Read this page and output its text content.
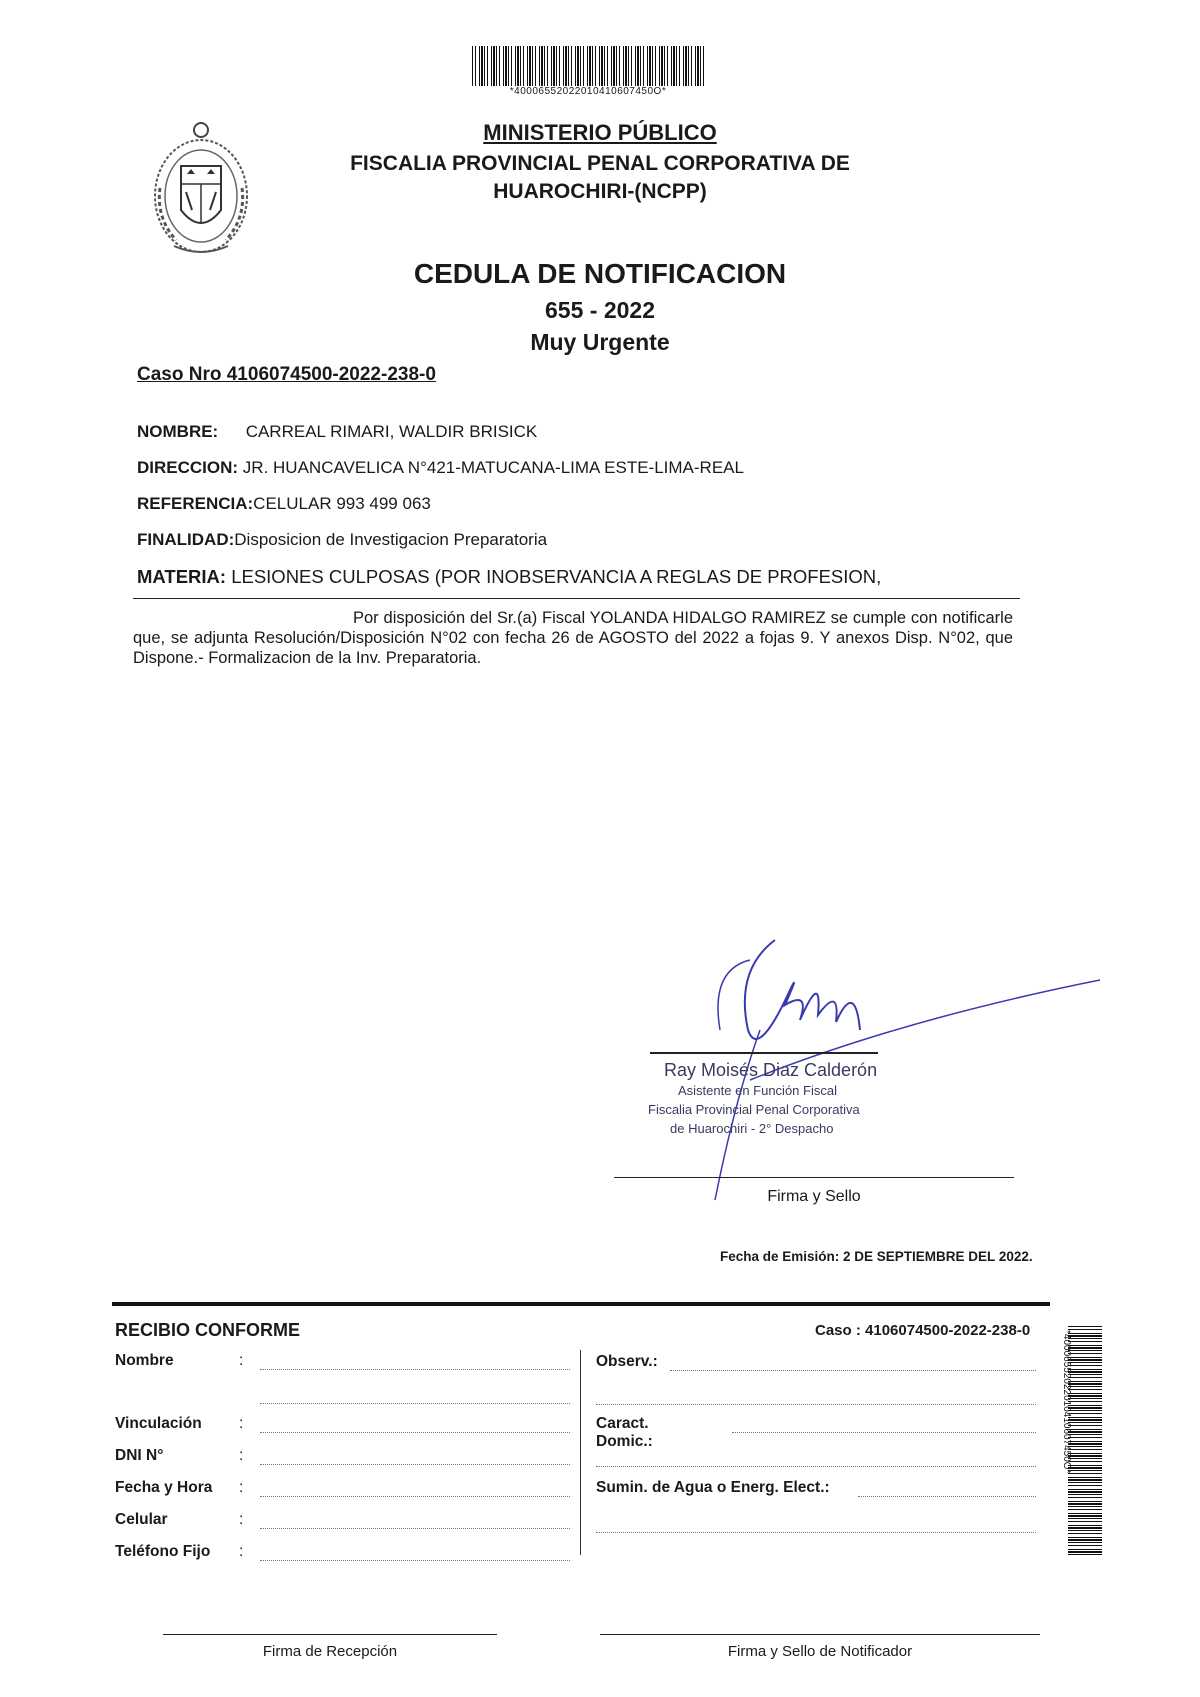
*40006552022010410607450O*
MINISTERIO PÚBLICO
FISCALIA PROVINCIAL PENAL CORPORATIVA DE
HUAROCHIRI-(NCPP)
CEDULA DE NOTIFICACION
655 - 2022
Muy Urgente
Caso Nro 4106074500-2022-238-0
NOMBRE: CARREAL RIMARI, WALDIR BRISICK
DIRECCION: JR. HUANCAVELICA N°421-MATUCANA-LIMA ESTE-LIMA-REAL
REFERENCIA:CELULAR 993 499 063
FINALIDAD:Disposicion de Investigacion Preparatoria
MATERIA: LESIONES CULPOSAS (POR INOBSERVANCIA A REGLAS DE PROFESION,
Por disposición del Sr.(a) Fiscal YOLANDA HIDALGO RAMIREZ se cumple con notificarle que, se adjunta Resolución/Disposición N°02 con fecha 26 de AGOSTO del 2022 a fojas 9. Y anexos Disp. N°02, que Dispone.- Formalizacion de la Inv. Preparatoria.
Ray Moisés Diaz Calderón
Asistente en Función Fiscal
Fiscalia Provincial Penal Corporativa
de Huarochiri - 2° Despacho
Firma y Sello
Fecha de Emisión: 2 DE SEPTIEMBRE DEL 2022.
RECIBIO CONFORME	Caso : 4106074500-2022-238-0
Nombre	:
Vinculación :
DNI N°	:
Fecha y Hora :
Celular	:
Teléfono Fijo :
Observ.:
Caract. Domic.:
Sumin. de Agua o Energ. Elect.:
*40006552022010410607450O*
Firma de Recepción	Firma y Sello de Notificador
